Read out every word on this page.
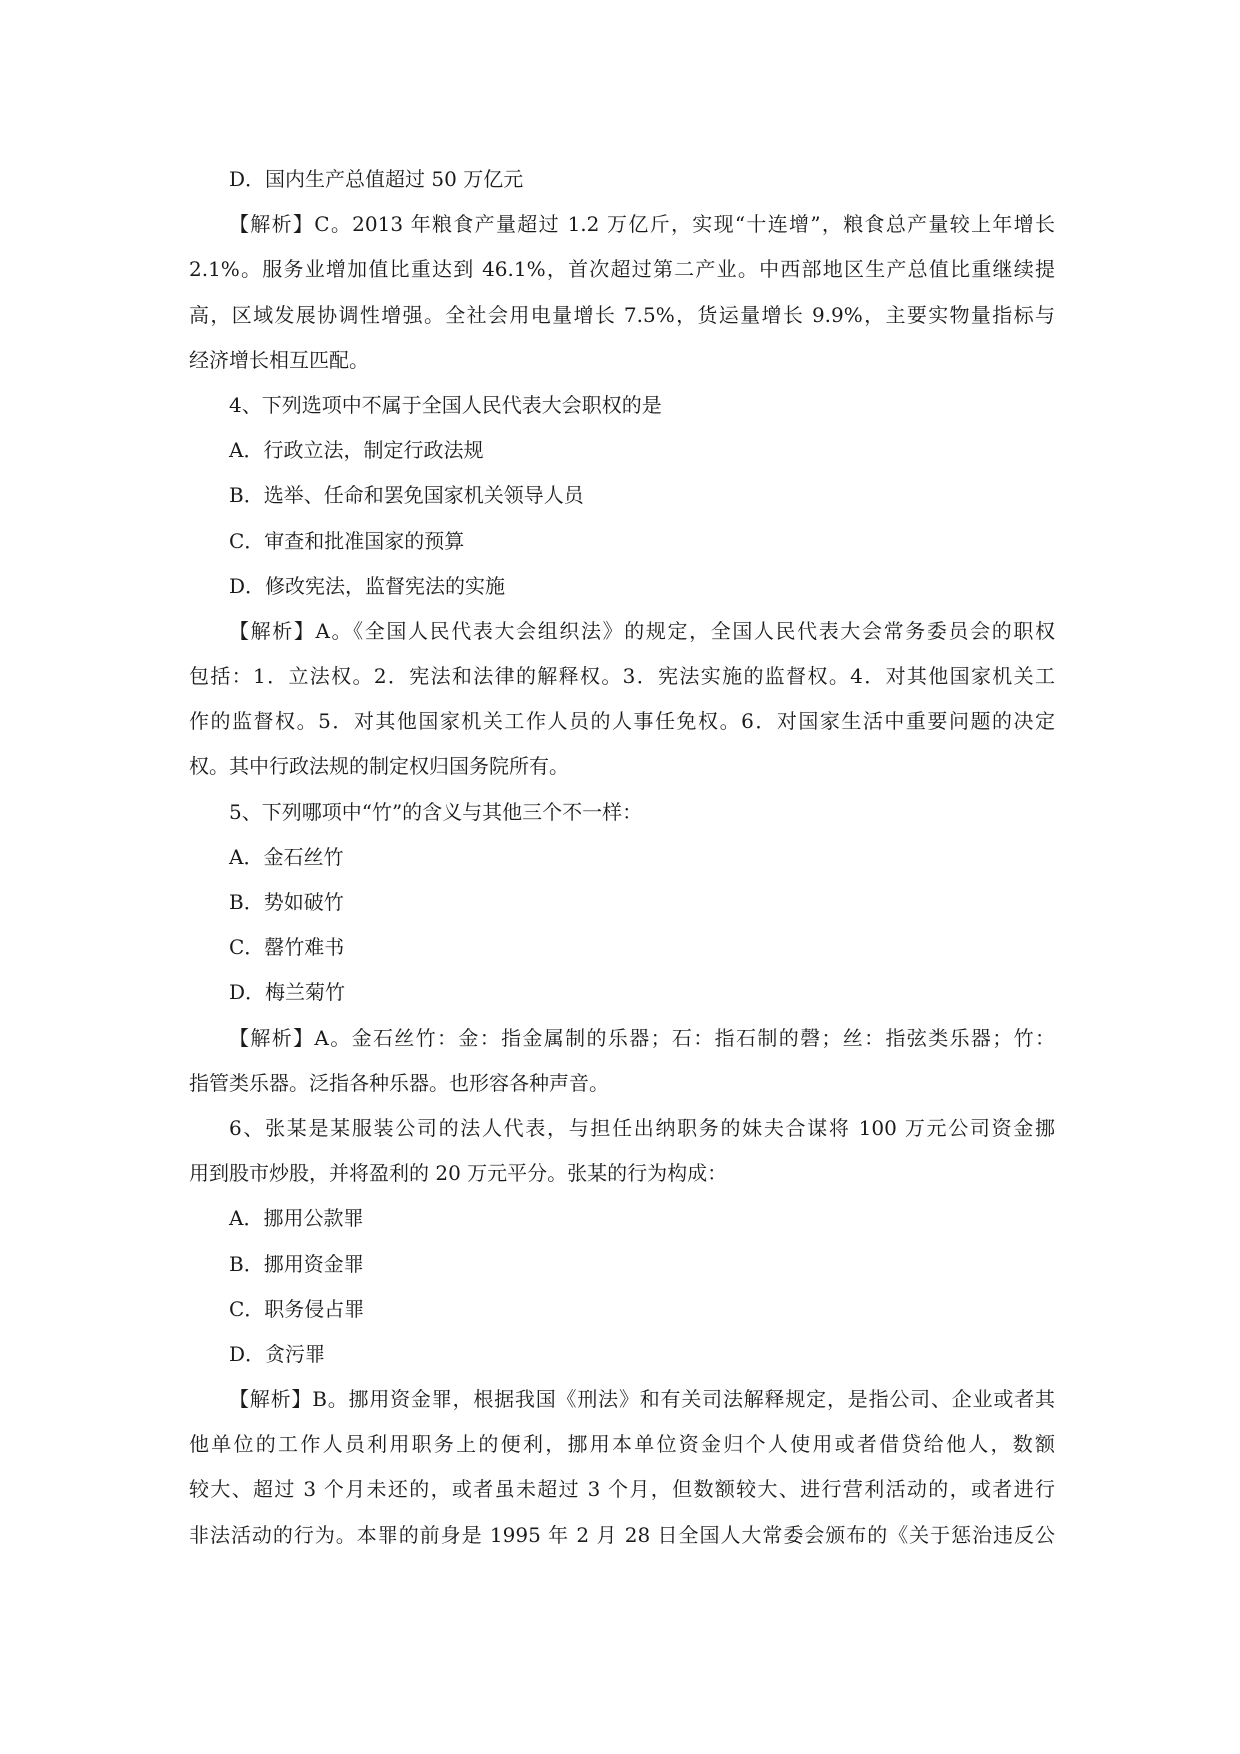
D．国内生产总值超过 50 万亿元
【解析】C。2013 年粮食产量超过 1.2 万亿斤，实现“十连增”，粮食总产量较上年增长
2.1%。服务业增加值比重达到 46.1%，首次超过第二产业。中西部地区生产总值比重继续提
高，区域发展协调性增强。全社会用电量增长 7.5%，货运量增长 9.9%，主要实物量指标与
经济增长相互匹配。
4、下列选项中不属于全国人民代表大会职权的是
A．行政立法，制定行政法规
B．选举、任命和罢免国家机关领导人员
C．审查和批准国家的预算
D．修改宪法，监督宪法的实施
【解析】A。《全国人民代表大会组织法》的规定，全国人民代表大会常务委员会的职权
包括：1．立法权。2．宪法和法律的解释权。3．宪法实施的监督权。4．对其他国家机关工
作的监督权。5．对其他国家机关工作人员的人事任免权。6．对国家生活中重要问题的决定
权。其中行政法规的制定权归国务院所有。
5、下列哪项中“竹”的含义与其他三个不一样：
A．金石丝竹
B．势如破竹
C．罄竹难书
D．梅兰菊竹
【解析】A。金石丝竹：金：指金属制的乐器；石：指石制的磬；丝：指弦类乐器；竹：
指管类乐器。泛指各种乐器。也形容各种声音。
6、张某是某服装公司的法人代表，与担任出纳职务的妹夫合谋将 100 万元公司资金挪
用到股市炒股，并将盈利的 20 万元平分。张某的行为构成：
A．挪用公款罪
B．挪用资金罪
C．职务侵占罪
D．贪污罪
【解析】B。挪用资金罪，根据我国《刑法》和有关司法解释规定，是指公司、企业或者其
他单位的工作人员利用职务上的便利，挪用本单位资金归个人使用或者借贷给他人，数额
较大、超过 3 个月未还的，或者虽未超过 3 个月，但数额较大、进行营利活动的，或者进行
非法活动的行为。本罪的前身是 1995 年 2 月 28 日全国人大常委会颁布的《关于惩治违反公
